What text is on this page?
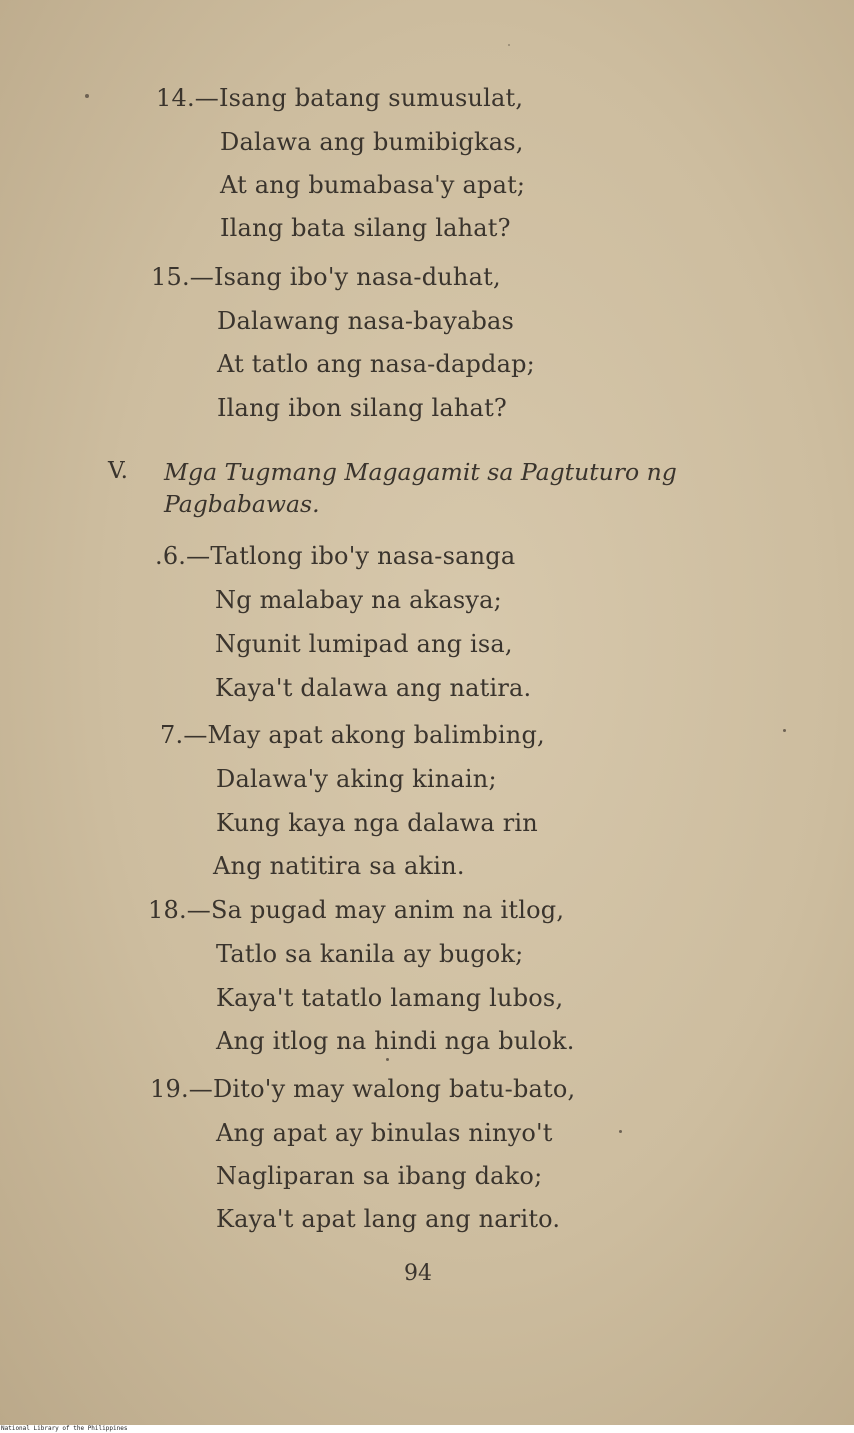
14.—Isang batang sumusulat,
Dalawa ang bumibigkas,
At ang bumabasa'y apat;
Ilang bata silang lahat?
15.—Isang ibo'y nasa-duhat,
Dalawang nasa-bayabas
At tatlo ang nasa-dapdap;
Ilang ibon silang lahat?
V. Mga Tugmang Magagamit sa Pagtuturo ng
Pagbabawas.
.6.—Tatlong ibo'y nasa-sanga
Ng malabay na akasya;
Ngunit lumipad ang isa,
Kaya't dalawa ang natira.
7.—May apat akong balimbing,
Dalawa'y aking kinain;
Kung kaya nga dalawa rin
Ang natitira sa akin.
18.—Sa pugad may anim na itlog,
Tatlo sa kanila ay bugok;
Kaya't tatatlo lamang lubos,
Ang itlog na hindi nga bulok.
19.—Dito'y may walong batu-bato,
Ang apat ay binulas ninyo't
Nagliparan sa ibang dako;
Kaya't apat lang ang narito.
94
National Library of the Philippines
